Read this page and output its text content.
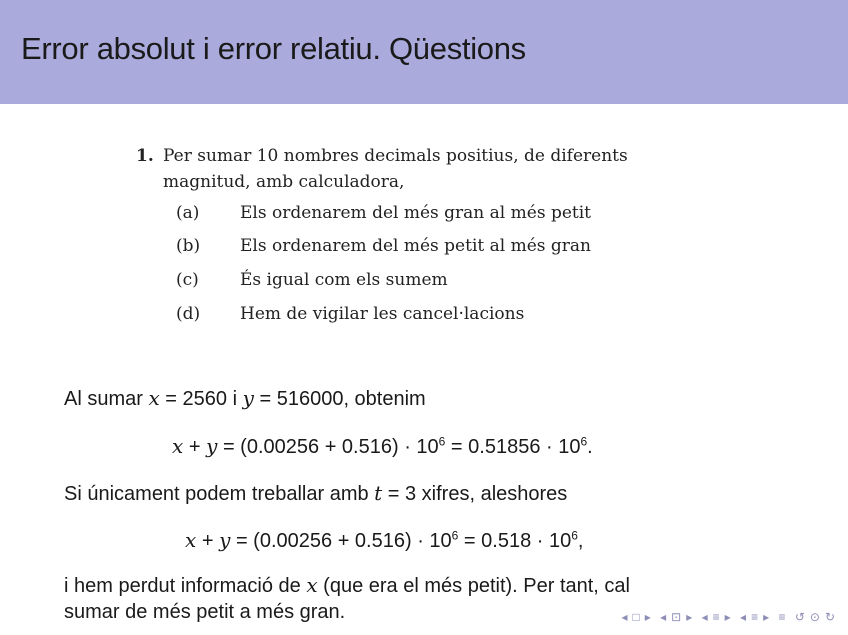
Error absolut i error relatiu. Qüestions
1. Per sumar 10 nombres decimals positius, de diferents magnitud, amb calculadora,
(a) Els ordenarem del més gran al més petit
(b) Els ordenarem del més petit al més gran
(c) És igual com els sumem
(d) Hem de vigilar les cancel·lacions
Al sumar x = 2560 i y = 516000, obtenim
$x + y = (0.00256 + 0.516) \cdot 10^6 = 0.51856 \cdot 10^6$.
Si únicament podem treballar amb t = 3 xifres, aleshores
$x + y = (0.00256 + 0.516) \cdot 10^6 = 0.518 \cdot 10^6$,
i hem perdut informació de x (que era el més petit). Per tant, cal
sumar de més petit a més gran.	◂ □ ▸ ◂ ⊡ ▸ ◂ ≡ ▸ ◂ ≡ ▸ ≡ ↺ ⊙ ↻
